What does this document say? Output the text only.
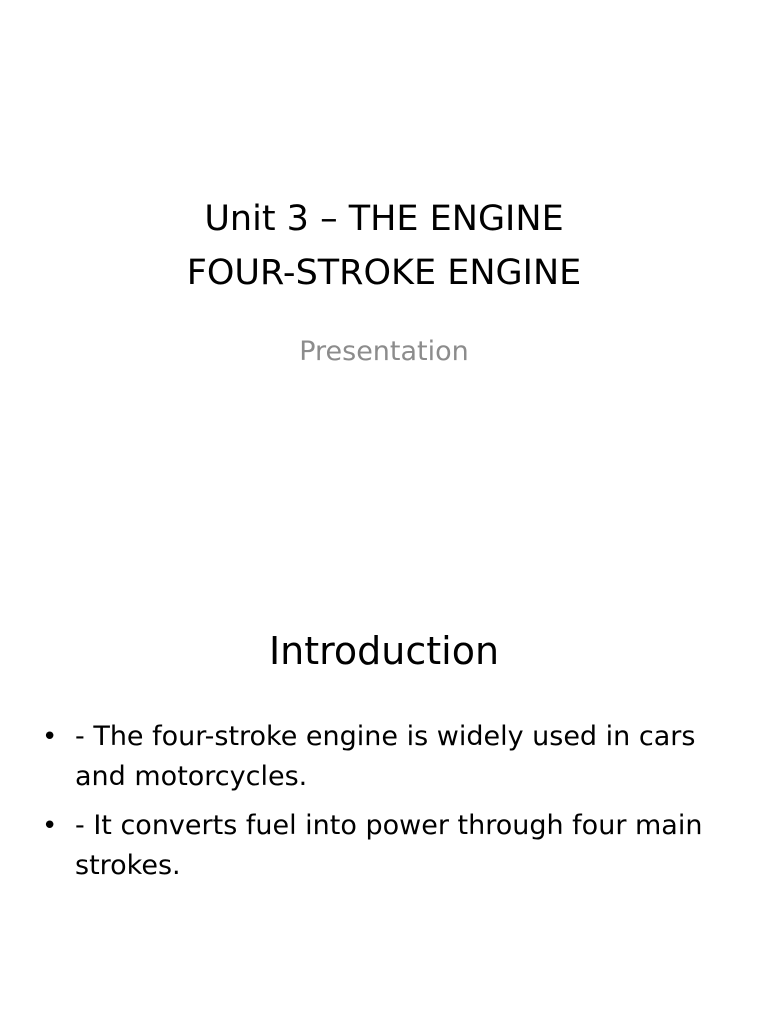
Unit 3 – THE ENGINE
FOUR-STROKE ENGINE
Presentation
Introduction
• - The four-stroke engine is widely used in cars and motorcycles.
• - It converts fuel into power through four main strokes.
